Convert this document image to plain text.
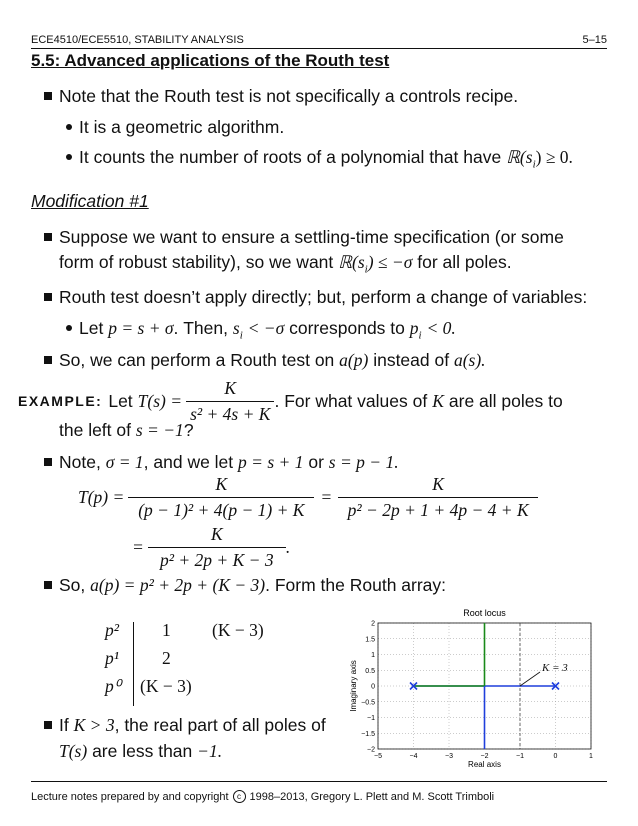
ECE4510/ECE5510, STABILITY ANALYSIS	5–15
5.5: Advanced applications of the Routh test
Note that the Routh test is not specifically a controls recipe.
It is a geometric algorithm.
It counts the number of roots of a polynomial that have $ℝ(s_i) \ge 0$.
Modification #1
Suppose we want to ensure a settling-time specification (or some
form of robust stability), so we want $ℝ(s_i) \le -\sigma$ for all poles.
Routh test doesn’t apply directly; but, perform a change of variables:
Let p = s + σ. Then, $s_i < -\sigma$ corresponds to $p_i < 0$.
So, we can perform a Routh test on a(p) instead of a(s).
EXAMPLE: Let $T(s) = \frac{K}{\text{s² + 4s + K}}$ . For what values of K are all poles to
the left of s = −1?
Note, σ = 1, and we let p = s + 1 or s = p − 1.
$T(p) = \frac{K}{\text{(p − 1)² + 4(p − 1) + K}} = \frac{K}{\text{p² − 2p + 1 + 4p − 4 + K}}$
= $\frac{K}{\text{p² + 2p + K − 3}}$ .
So, a(p) = p² + 2p + (K − 3). Form the Routh array:
p² 1 (K − 3)
p¹ 2
p⁰ (K − 3)
If K > 3, the real part of all poles of
T(s) are less than −1.	−5	−4	−3	−2	−1	0	1
2
1.5
1
0.5
0
−0.5
−1
−1.5
−2
K = 3
Root locus
Real axis
Imaginary axis
Lecture notes prepared by and copyright	c 1998–2013, Gregory L. Plett and M. Scott Trimboli
